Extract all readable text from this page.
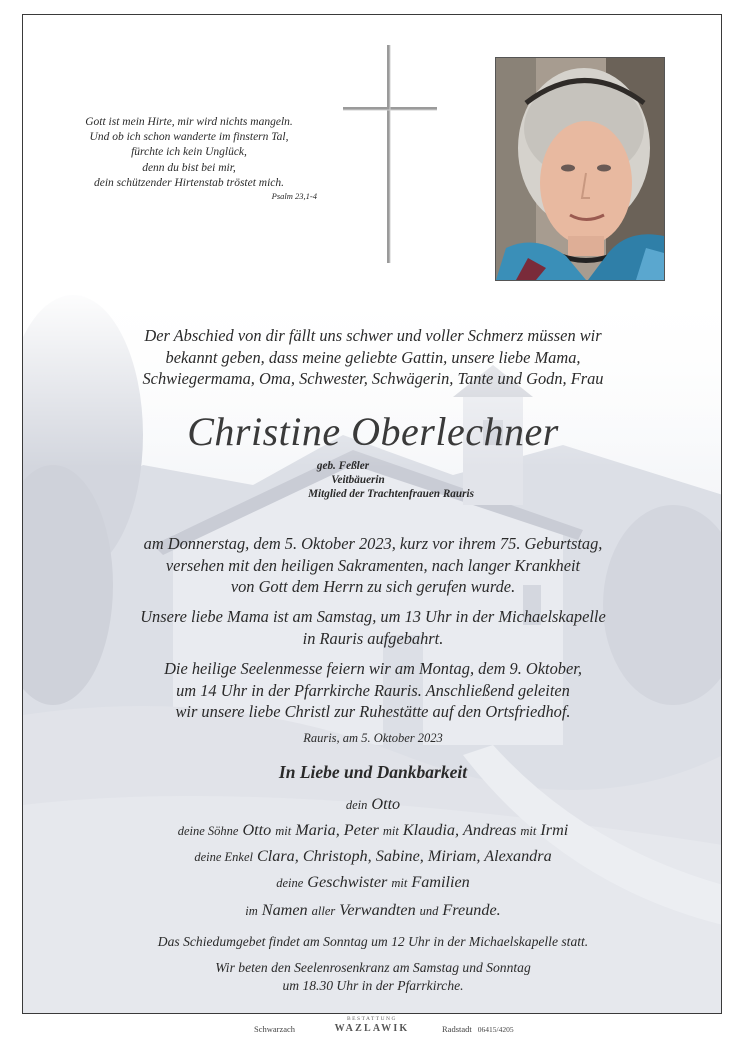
Gott ist mein Hirte, mir wird nichts mangeln.
Und ob ich schon wanderte im finstern Tal,
fürchte ich kein Unglück,
denn du bist bei mir,
dein schützender Hirtenstab tröstet mich.
Psalm 23,1-4
Der Abschied von dir fällt uns schwer und voller Schmerz müssen wir
bekannt geben, dass meine geliebte Gattin, unsere liebe Mama,
Schwiegermama, Oma, Schwester, Schwägerin, Tante und Godn, Frau
Christine Oberlechner
geb. Feßler
Veitbäuerin
Mitglied der Trachtenfrauen Rauris
am Donnerstag, dem 5. Oktober 2023, kurz vor ihrem 75. Geburtstag,
versehen mit den heiligen Sakramenten, nach langer Krankheit
von Gott dem Herrn zu sich gerufen wurde.
Unsere liebe Mama ist am Samstag, um 13 Uhr in der Michaelskapelle
in Rauris aufgebahrt.
Die heilige Seelenmesse feiern wir am Montag, dem 9. Oktober,
um 14 Uhr in der Pfarrkirche Rauris. Anschließend geleiten
wir unsere liebe Christl zur Ruhestätte auf den Ortsfriedhof.
Rauris, am 5. Oktober 2023
In Liebe und Dankbarkeit
dein Otto
deine Söhne Otto mit Maria, Peter mit Klaudia, Andreas mit Irmi
deine Enkel Clara, Christoph, Sabine, Miriam, Alexandra
deine Geschwister mit Familien
im Namen aller Verwandten und Freunde.
Das Schiedumgebet findet am Sonntag um 12 Uhr in der Michaelskapelle statt.
Wir beten den Seelenrosenkranz am Samstag und Sonntag
um 18.30 Uhr in der Pfarrkirche.
Schwarzach
BESTATTUNG
WAZLAWIK	Radstadt 06415/4205
